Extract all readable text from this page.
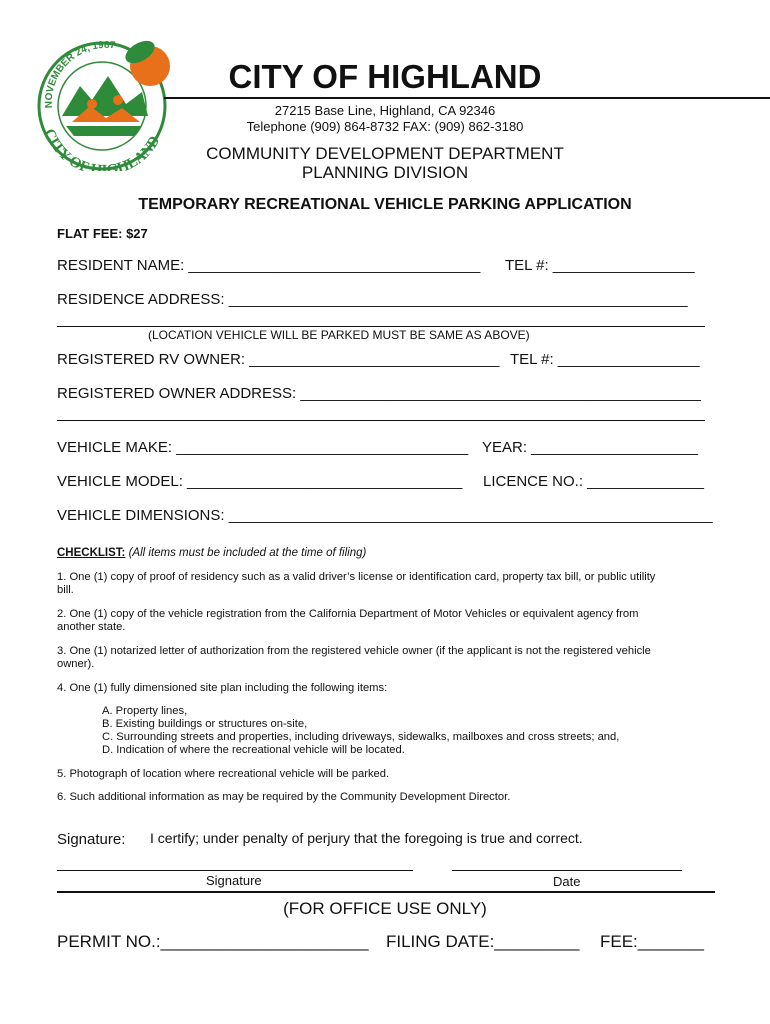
NOVEMBER 24, 1987
CITY OF HIGHLAND
CITY OF HIGHLAND
27215 Base Line, Highland, CA 92346
Telephone (909) 864-8732 FAX: (909) 862-3180
COMMUNITY DEVELOPMENT DEPARTMENT
PLANNING DIVISION
TEMPORARY RECREATIONAL VEHICLE PARKING APPLICATION
FLAT FEE: $27
RESIDENT NAME: ___________________________________ TEL #: _________________
RESIDENCE ADDRESS: _______________________________________________________
(LOCATION VEHICLE WILL BE PARKED MUST BE SAME AS ABOVE)
REGISTERED RV OWNER: ______________________________ TEL #: _________________
REGISTERED OWNER ADDRESS: ________________________________________________
VEHICLE MAKE: ___________________________________ YEAR: ____________________
VEHICLE MODEL: _________________________________ LICENCE NO.: ______________
VEHICLE DIMENSIONS: __________________________________________________________
CHECKLIST: (All items must be included at the time of filing)
1. One (1) copy of proof of residency such as a valid driver’s license or identification card, property tax bill, or public utility
bill.
2. One (1) copy of the vehicle registration from the California Department of Motor Vehicles or equivalent agency from
another state.
3. One (1) notarized letter of authorization from the registered vehicle owner (if the applicant is not the registered vehicle
owner).
4. One (1) fully dimensioned site plan including the following items:
A. Property lines,
B. Existing buildings or structures on-site,
C. Surrounding streets and properties, including driveways, sidewalks, mailboxes and cross streets; and,
D. Indication of where the recreational vehicle will be located.
5. Photograph of location where recreational vehicle will be parked.
6. Such additional information as may be required by the Community Development Director.
Signature: I certify; under penalty of perjury that the foregoing is true and correct.
Signature	Date
(FOR OFFICE USE ONLY)
PERMIT NO.:______________________ FILING DATE:_________ FEE:_______
